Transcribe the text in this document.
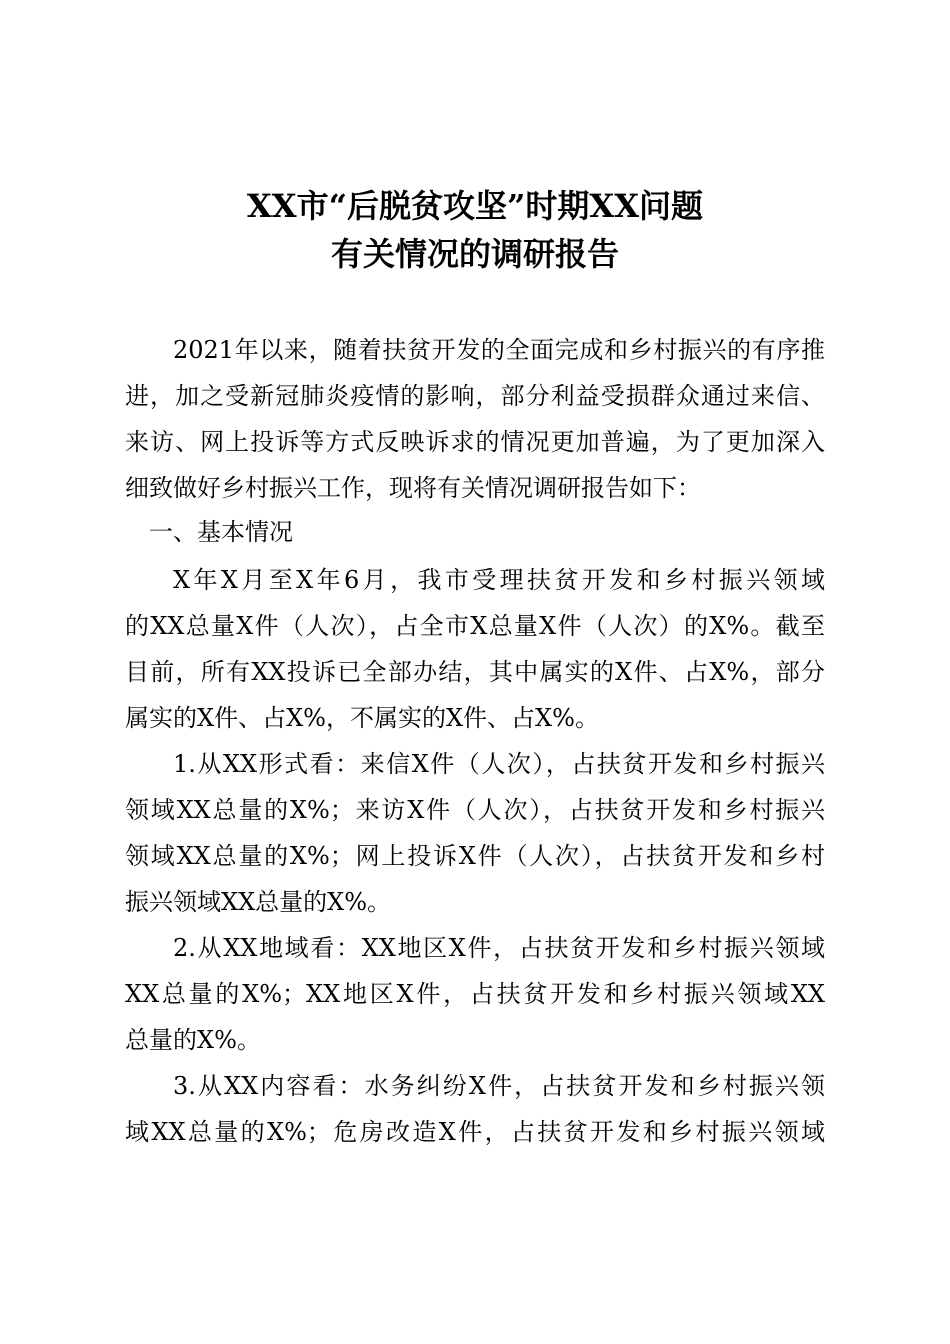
XX市“后脱贫攻坚”时期XX问题
有关情况的调研报告
2021年以来，随着扶贫开发的全面完成和乡村振兴的有序推
进，加之受新冠肺炎疫情的影响，部分利益受损群众通过来信、
来访、网上投诉等方式反映诉求的情况更加普遍，为了更加深入
细致做好乡村振兴工作，现将有关情况调研报告如下：
一、基本情况
X年X月至X年6月，我市受理扶贫开发和乡村振兴领域
的XX总量X件（人次），占全市X总量X件（人次）的X%。截至
目前，所有XX投诉已全部办结，其中属实的X件、占X%，部分
属实的X件、占X%，不属实的X件、占X%。
1.从XX形式看：来信X件（人次），占扶贫开发和乡村振兴
领域XX总量的X%；来访X件（人次），占扶贫开发和乡村振兴
领域XX总量的X%；网上投诉X件（人次），占扶贫开发和乡村
振兴领域XX总量的X%。
2.从XX地域看：XX地区X件，占扶贫开发和乡村振兴领域
XX总量的X%；XX地区X件，占扶贫开发和乡村振兴领域XX
总量的X%。
3.从XX内容看：水务纠纷X件，占扶贫开发和乡村振兴领
域XX总量的X%；危房改造X件，占扶贫开发和乡村振兴领域
